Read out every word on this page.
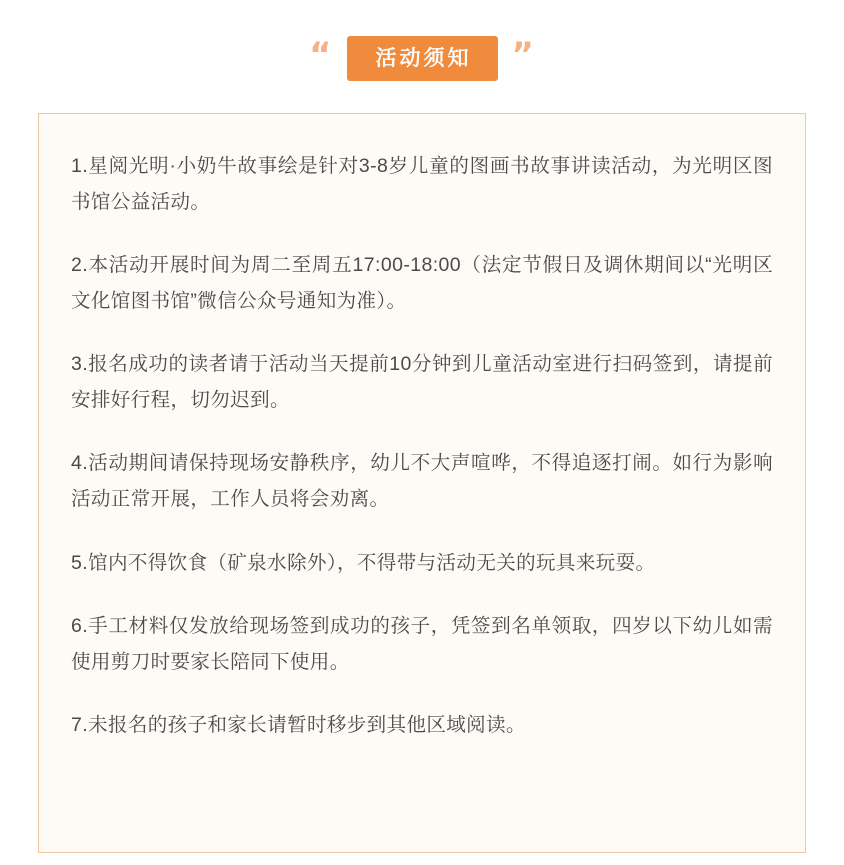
“	活动须知	”

1.星阅光明·小奶牛故事绘是针对3-8岁儿童的图画书故事讲读活动，为光明区图书馆公益活动。

2.本活动开展时间为周二至周五17:00-18:00（法定节假日及调休期间以“光明区文化馆图书馆”微信公众号通知为准）。

3.报名成功的读者请于活动当天提前10分钟到儿童活动室进行扫码签到，请提前安排好行程，切勿迟到。

4.活动期间请保持现场安静秩序，幼儿不大声喧哗，不得追逐打闹。如行为影响活动正常开展，工作人员将会劝离。

5.馆内不得饮食（矿泉水除外），不得带与活动无关的玩具来玩耍。

6.手工材料仅发放给现场签到成功的孩子，凭签到名单领取，四岁以下幼儿如需使用剪刀时要家长陪同下使用。

7.未报名的孩子和家长请暂时移步到其他区域阅读。
